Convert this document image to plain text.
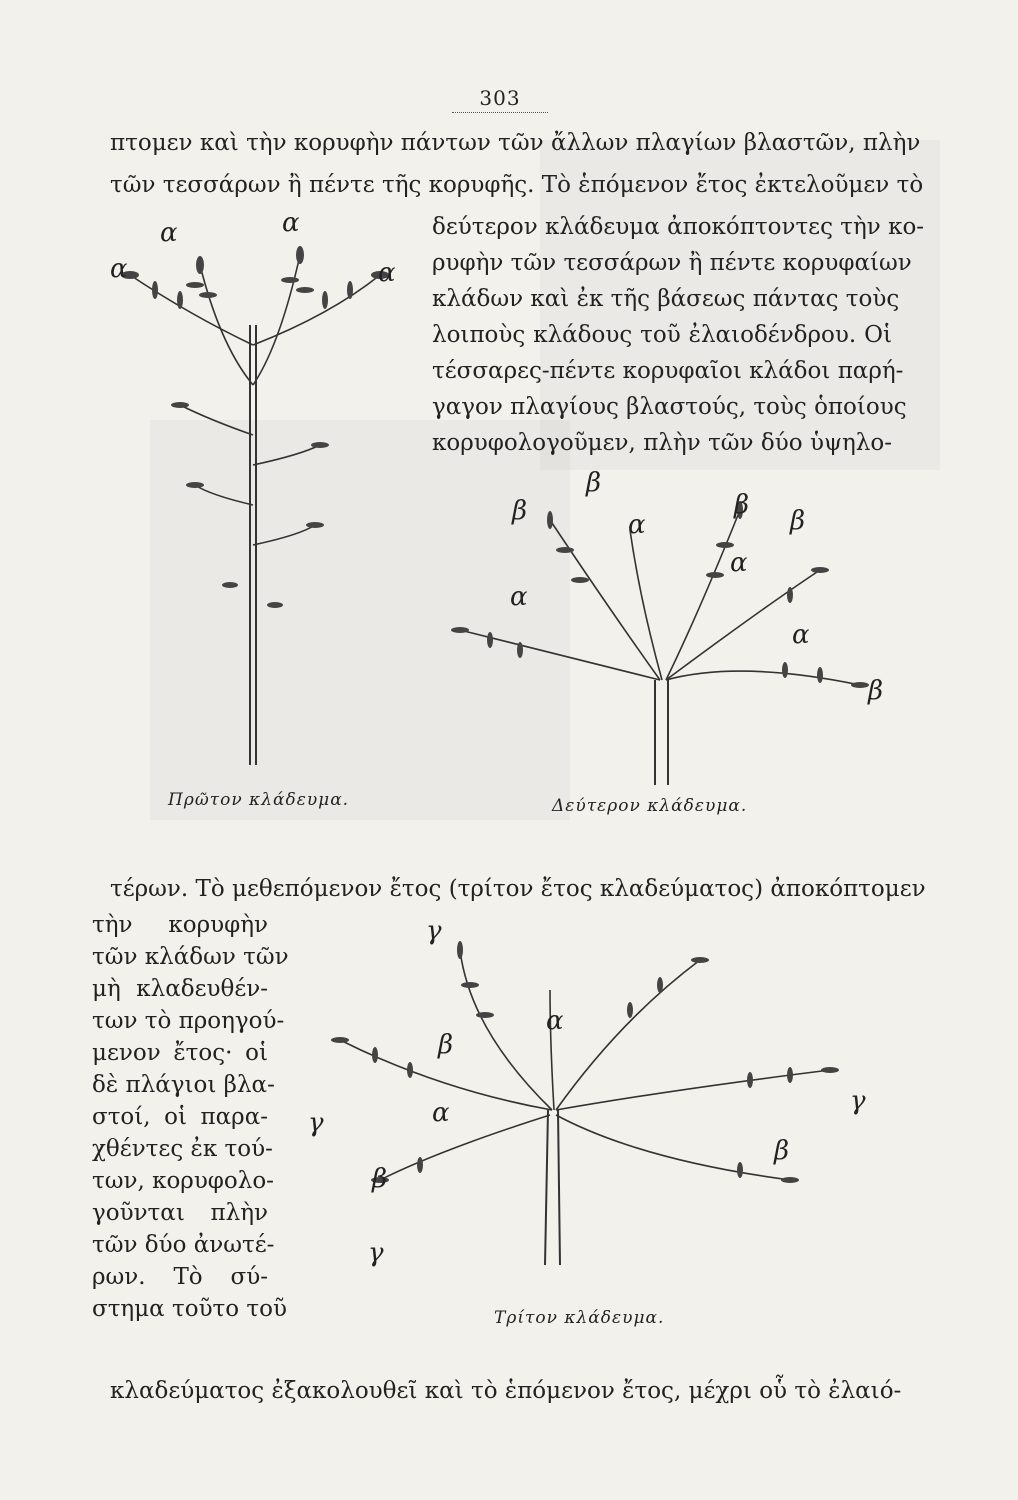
303
πτομεν καὶ τὴν κορυφὴν πάντων τῶν ἄλλων πλαγίων βλαστῶν, πλὴν
τῶν τεσσάρων ἢ πέντε τῆς κορυφῆς. Τὸ ἑπόμενον ἔτος ἐκτελοῦμεν τὸ
δεύτερον κλάδευμα ἀποκόπτοντες τὴν κο-
ρυφὴν τῶν τεσσάρων ἢ πέντε κορυφαίων
κλάδων καὶ ἐκ τῆς βάσεως πάντας τοὺς
λοιποὺς κλάδους τοῦ ἐλαιοδένδρου. Οἱ
τέσσαρες-πέντε κορυφαῖοι κλάδοι παρή-
γαγον πλαγίους βλαστούς, τοὺς ὁποίους
κορυφολογοῦμεν, πλὴν τῶν δύο ὑψηλο-
α	α
α	α
Πρῶτον κλάδευμα.
β
β	β
β
β
α
α
α
α
Δεύτερον κλάδευμα.
τέρων. Τὸ μεθεπόμενον ἔτος (τρίτον ἔτος κλαδεύματος) ἀποκόπτομεν
τὴν κορυφὴν
τῶν κλάδων τῶν
μὴ κλαδευθέν-
των τὸ προηγού-
μενον ἔτος· οἱ
δὲ πλάγιοι βλα-
στοί, οἱ παρα-
χθέντες ἐκ τού-
των, κορυφολο-
γοῦνται πλὴν
τῶν δύο ἀνωτέ-
ρων. Τὸ σύ-
στημα τοῦτο τοῦ
γ
γ
γ
γ
β
β
β
α
α
Τρίτον κλάδευμα.
κλαδεύματος ἐξακολουθεῖ καὶ τὸ ἑπόμενον ἔτος, μέχρι οὗ τὸ ἐλαιό-
